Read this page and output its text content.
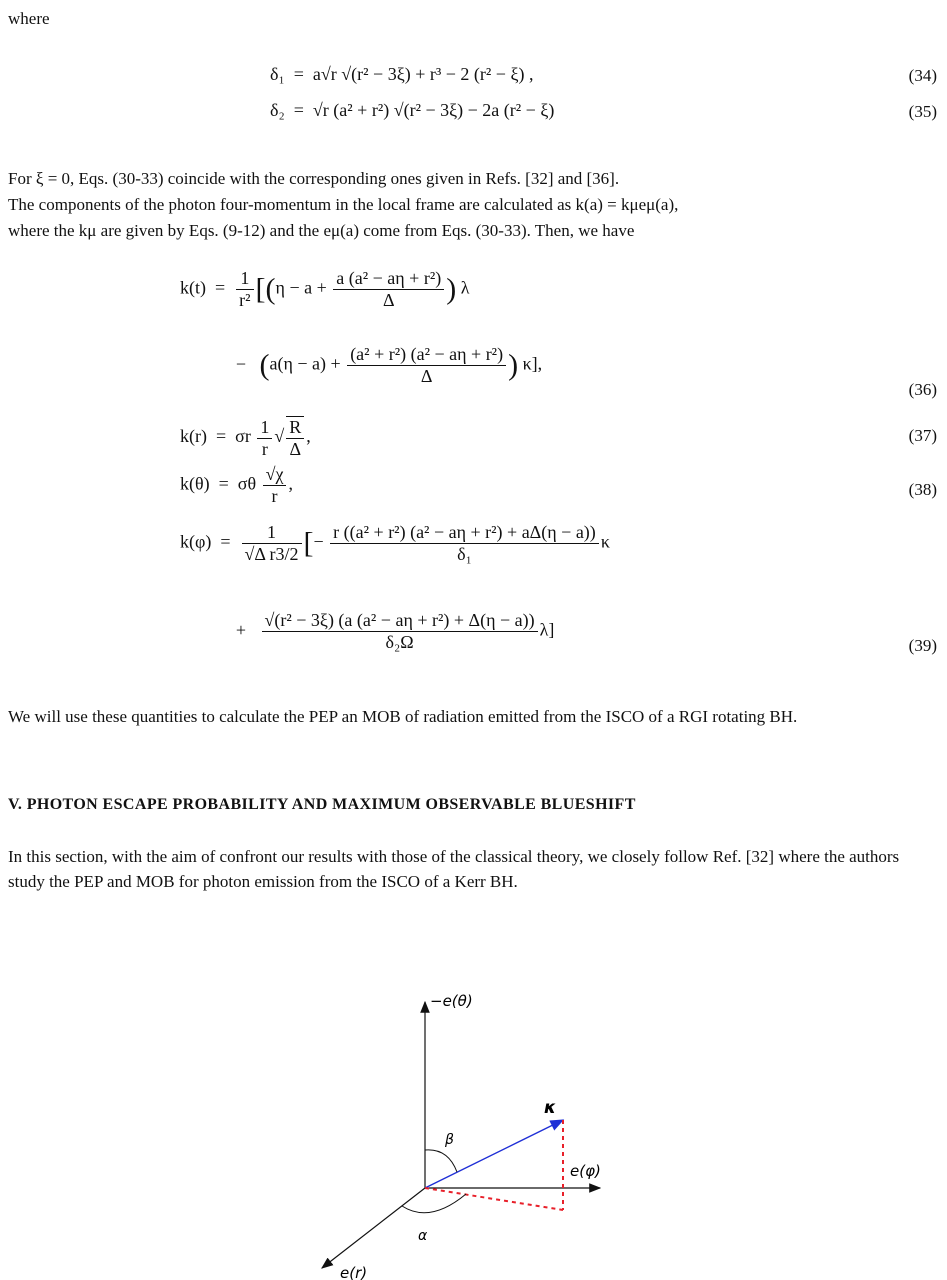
where
δ₁  =  a√r √(r² − 3ξ) + r³ − 2 (r² − ξ) ,	(34)
δ₂  =  √r (a² + r²) √(r² − 3ξ) − 2a (r² − ξ)	(35)
For ξ = 0, Eqs. (30-33) coincide with the corresponding ones given in Refs. [32] and [36].
The components of the photon four-momentum in the local frame are calculated as k(a) = kμeμ(a),
where the kμ are given by Eqs. (9-12) and the eμ(a) come from Eqs. (30-33). Then, we have
$k(t) = \frac{1}{\text{r²}} [(\eta - a + \frac{\text{a (a² − aη + r²)}}{\Delta}$ ) λ
− ($a(\eta - a) + \frac{\text{(a² + r²) (a² − aη + r²)}}{\Delta}$ ) κ],
(36)
k(r)  =  σr $\frac{1}{r}$ √ $\frac{R}{\Delta}$ ,	(37)
k(θ)  =  σθ $\frac{√\chi}{r}$ ,	(38)
$k(\varphi) = \frac{1}{\text{√Δ r3/2}}$ [− $\frac{\text{r ((a² + r²) (a² − aη + r²) + aΔ(η − a))}}{\text{δ₁}}$ κ
+ $\frac{\text{√(r² − 3ξ) (a (a² − aη + r²) + Δ(η − a))}}{\text{δ₂Ω}} \lambda$]
(39)
We will use these quantities to calculate the PEP an MOB of radiation emitted from the ISCO of a RGI rotating BH.
V. PHOTON ESCAPE PROBABILITY AND MAXIMUM OBSERVABLE BLUESHIFT
In this section, with the aim of confront our results with those of the classical theory, we closely follow Ref. [32] where the authors study the PEP and MOB for photon emission from the ISCO of a Kerr BH.
−e(θ)
e(φ)
e(r)
κ
β
α
